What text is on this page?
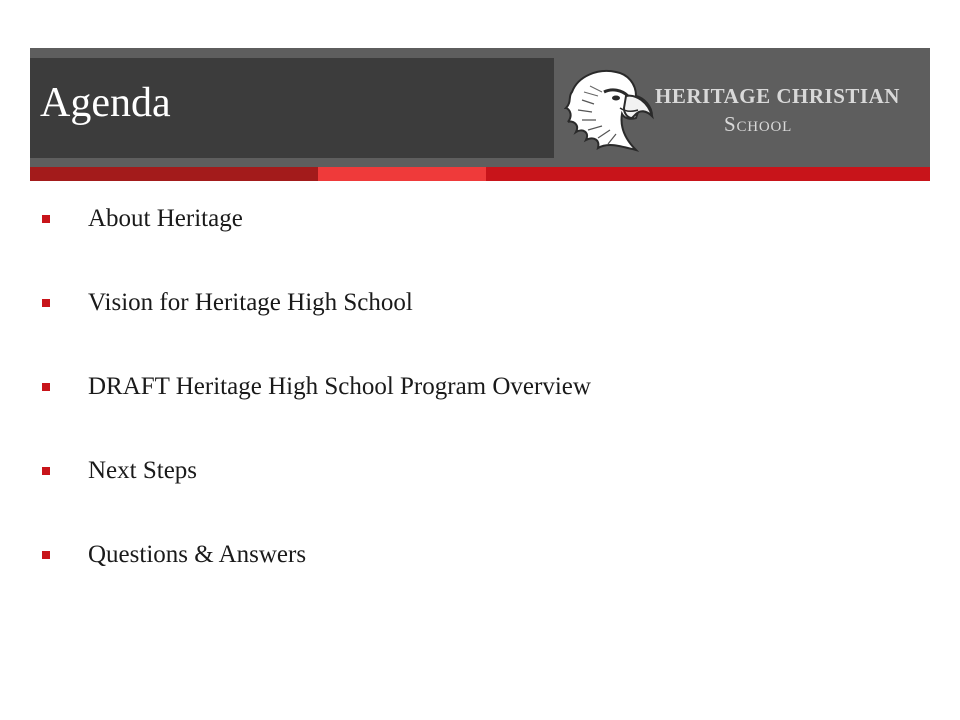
Agenda	HERITAGE CHRISTIAN
School
About Heritage
Vision for Heritage High School
DRAFT Heritage High School Program Overview
Next Steps
Questions & Answers
